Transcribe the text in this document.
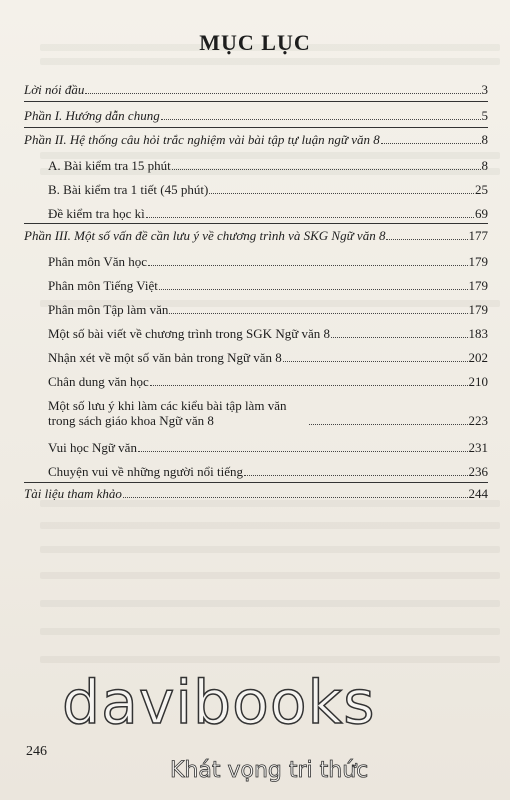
MỤC LỤC
Lời nói đầu	3
Phần I. Hướng dẫn chung	5
Phần II. Hệ thống câu hỏi trắc nghiệm vài bài tập tự luận ngữ văn 8	8
A. Bài kiểm tra 15 phút	8
B. Bài kiểm tra 1 tiết (45 phút)	25
Đề kiểm tra học kì	69
Phần III. Một số vấn đề cần lưu ý về chương trình và SKG Ngữ văn 8	177
Phân môn Văn học	179
Phân môn Tiếng Việt	179
Phân môn Tập làm văn	179
Một số bài viết về chương trình trong SGK Ngữ văn 8	183
Nhận xét về một số văn bản trong Ngữ văn 8	202
Chân dung văn học	210
Một số lưu ý khi làm các kiểu bài tập làm văn trong sách giáo khoa Ngữ văn 8	223
Vui học Ngữ văn	231
Chuyện vui về những người nổi tiếng	236
Tài liệu tham khảo	244
246
davibooks
Khát vọng tri thức
